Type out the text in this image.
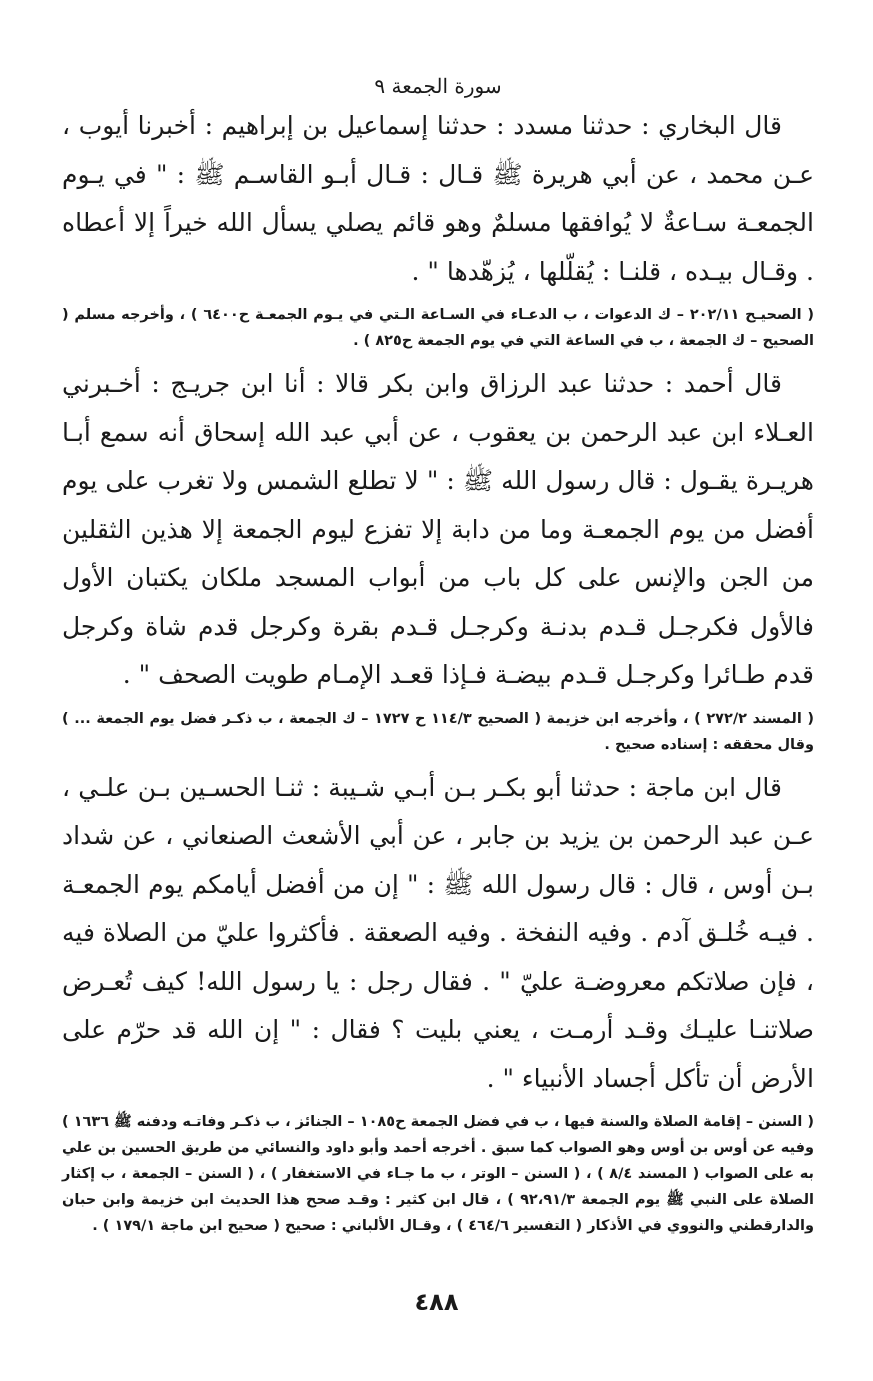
سورة الجمعة ٩

قال البخاري : حدثنا مسدد : حدثنا إسماعيل بن إبراهيم : أخبرنا أيوب ، عـن محمد ، عن أبي هريرة ﷺ قـال : قـال أبـو القاسـم ﷺ : " في يـوم الجمعـة سـاعةٌ لا يُوافقها مسلمٌ وهو قائم يصلي يسأل الله خيراً إلا أعطاه . وقـال بيـده ، قلنـا : يُقلّلها ، يُزهّدها " .

( الصحيـح ٢٠٢/١١ – ك الدعوات ، ب الدعـاء في السـاعة الـتي في يـوم الجمعـة ح٦٤٠٠ ) ، وأخرجه مسلم ( الصحيح – ك الجمعة ، ب في الساعة التي في يوم الجمعة ح٨٢٥ ) .

قال أحمد : حدثنا عبد الرزاق وابن بكر قالا : أنا ابن جريـج : أخـبرني العـلاء ابن عبد الرحمن بن يعقوب ، عن أبي عبد الله إسحاق أنه سمع أبـا هريـرة يقـول : قال رسول الله ﷺ : " لا تطلع الشمس ولا تغرب على يوم أفضل من يوم الجمعـة وما من دابة إلا تفزع ليوم الجمعة إلا هذين الثقلين من الجن والإنس على كل باب من أبواب المسجد ملكان يكتبان الأول فالأول فكرجـل قـدم بدنـة وكرجـل قـدم بقرة وكرجل قدم شاة وكرجل قدم طـائرا وكرجـل قـدم بيضـة فـإذا قعـد الإمـام طويت الصحف " .

( المسند ٢٧٢/٢ ) ، وأخرجه ابن خزيمة ( الصحيح ١١٤/٣ ح ١٧٢٧ – ك الجمعة ، ب ذكـر فضل يوم الجمعة ... ) وقال محققه : إسناده صحيح .

قال ابن ماجة : حدثنا أبو بكـر بـن أبـي شـيبة : ثنـا الحسـين بـن علـي ، عـن عبد الرحمن بن يزيد بن جابر ، عن أبي الأشعث الصنعاني ، عن شداد بـن أوس ، قال : قال رسول الله ﷺ : " إن من أفضل أيامكم يوم الجمعـة . فيـه خُلـق آدم . وفيه النفخة . وفيه الصعقة . فأكثروا عليّ من الصلاة فيه ، فإن صلاتكم معروضـة عليّ " . فقال رجل : يا رسول الله! كيف تُعـرض صلاتنـا عليـك وقـد أرمـت ، يعني بليت ؟ فقال : " إن الله قد حرّم على الأرض أن تأكل أجساد الأنبياء " .

( السنن – إقامة الصلاة والسنة فيها ، ب في فضل الجمعة ح١٠٨٥ – الجنائز ، ب ذكـر وفاتـه ودفنه ﷺ ١٦٣٦ ) وفيه عن أوس بن أوس وهو الصواب كما سبق . أخرجه أحمد وأبو داود والنسائي من طريق الحسين بن علي به على الصواب ( المسند ٨/٤ ) ، ( السنن – الوتر ، ب ما جـاء في الاستغفار ) ، ( السنن – الجمعة ، ب إكثار الصلاة على النبي ﷺ يوم الجمعة ٩٢،٩١/٣ ) ، قال ابن كثير : وقـد صحح هذا الحديث ابن خزيمة وابن حبان والدارقطني والنووي في الأذكار ( التفسير ٤٦٤/٦ ) ، وقـال الألباني : صحيح ( صحيح ابن ماجة ١٧٩/١ ) .

٤٨٨
